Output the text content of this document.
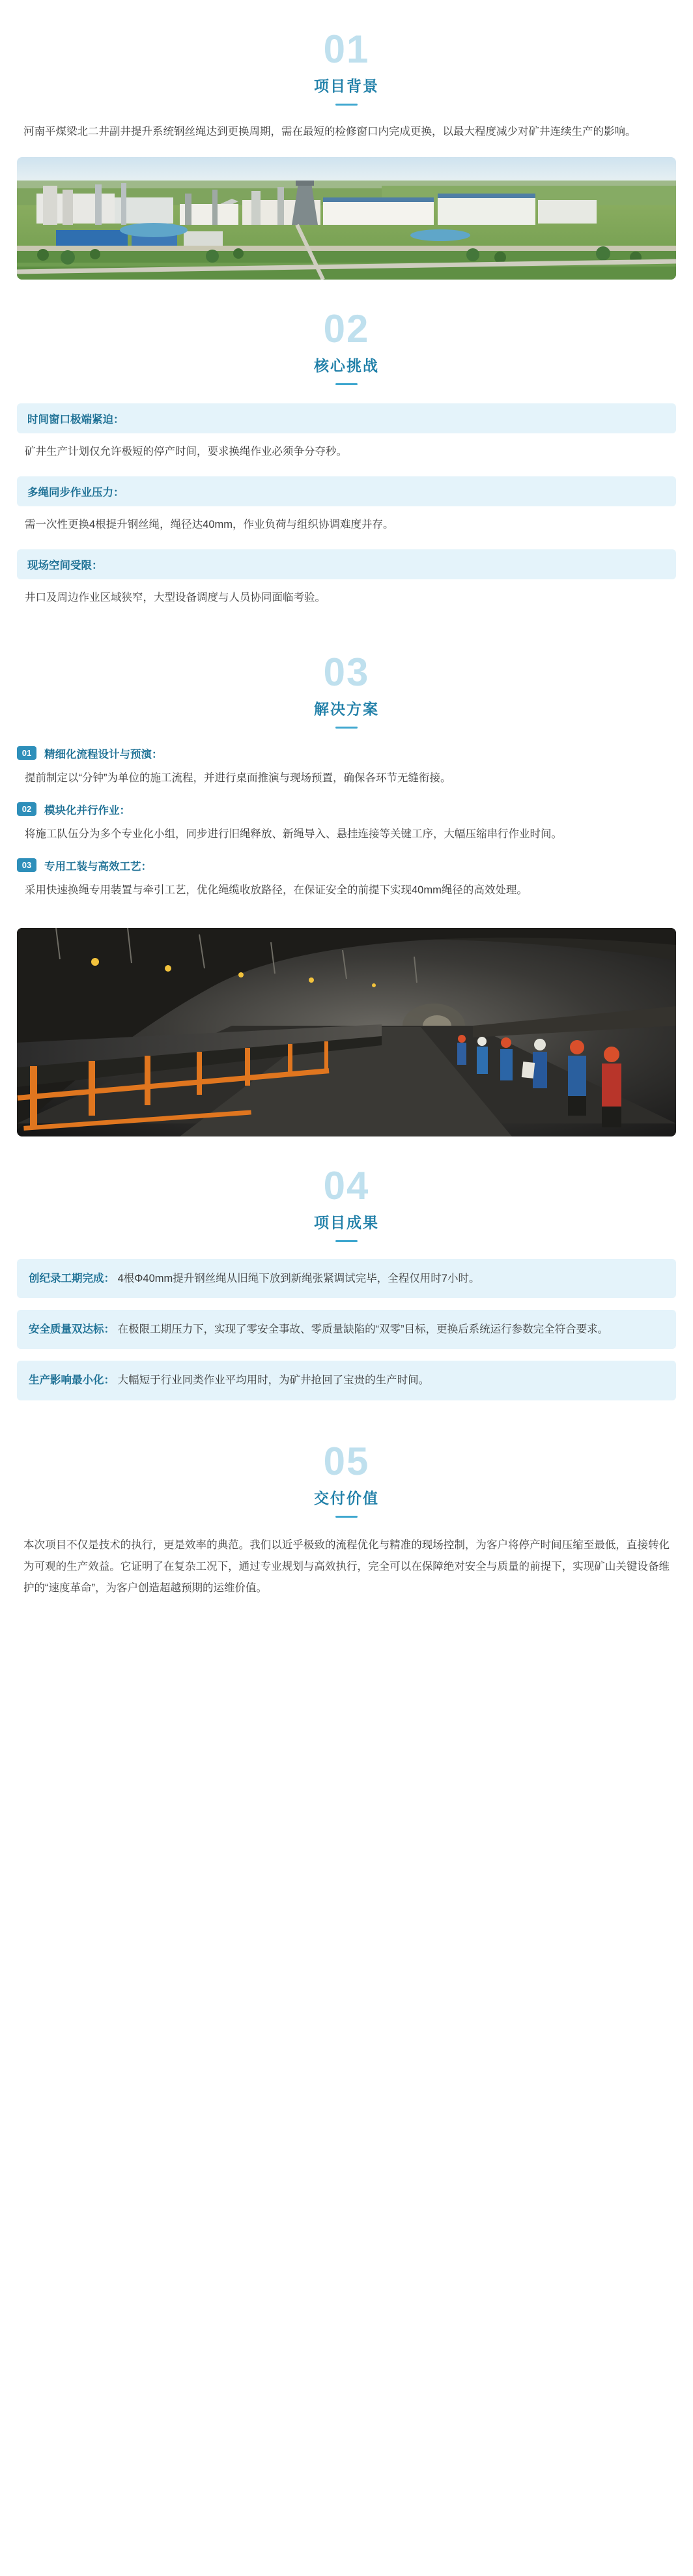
01
项目背景
河南平煤梁北二井副井提升系统钢丝绳达到更换周期，需在最短的检修窗口内完成更换，以最大程度减少对矿井连续生产的影响。
02
核心挑战
时间窗口极端紧迫：
矿井生产计划仅允许极短的停产时间，要求换绳作业必须争分夺秒。
多绳同步作业压力：
需一次性更换4根提升钢丝绳，绳径达40mm，作业负荷与组织协调难度并存。
现场空间受限：
井口及周边作业区域狭窄，大型设备调度与人员协同面临考验。
03
解决方案
01	精细化流程设计与预演：
提前制定以“分钟”为单位的施工流程，并进行桌面推演与现场预置，确保各环节无缝衔接。
02	模块化并行作业：
将施工队伍分为多个专业化小组，同步进行旧绳释放、新绳导入、悬挂连接等关键工序，大幅压缩串行作业时间。
03	专用工装与高效工艺：
采用快速换绳专用装置与牵引工艺，优化绳缆收放路径，在保证安全的前提下实现40mm绳径的高效处理。
04
项目成果
创纪录工期完成： 4根Φ40mm提升钢丝绳从旧绳下放到新绳张紧调试完毕，全程仅用时7小时。
安全质量双达标： 在极限工期压力下，实现了零安全事故、零质量缺陷的“双零”目标，更换后系统运行参数完全符合要求。
生产影响最小化： 大幅短于行业同类作业平均用时，为矿井抢回了宝贵的生产时间。
05
交付价值
本次项目不仅是技术的执行，更是效率的典范。我们以近乎极致的流程优化与精准的现场控制，为客户将停产时间压缩至最低，直接转化为可观的生产效益。它证明了在复杂工况下，通过专业规划与高效执行，完全可以在保障绝对安全与质量的前提下，实现矿山关键设备维护的“速度革命”，为客户创造超越预期的运维价值。
